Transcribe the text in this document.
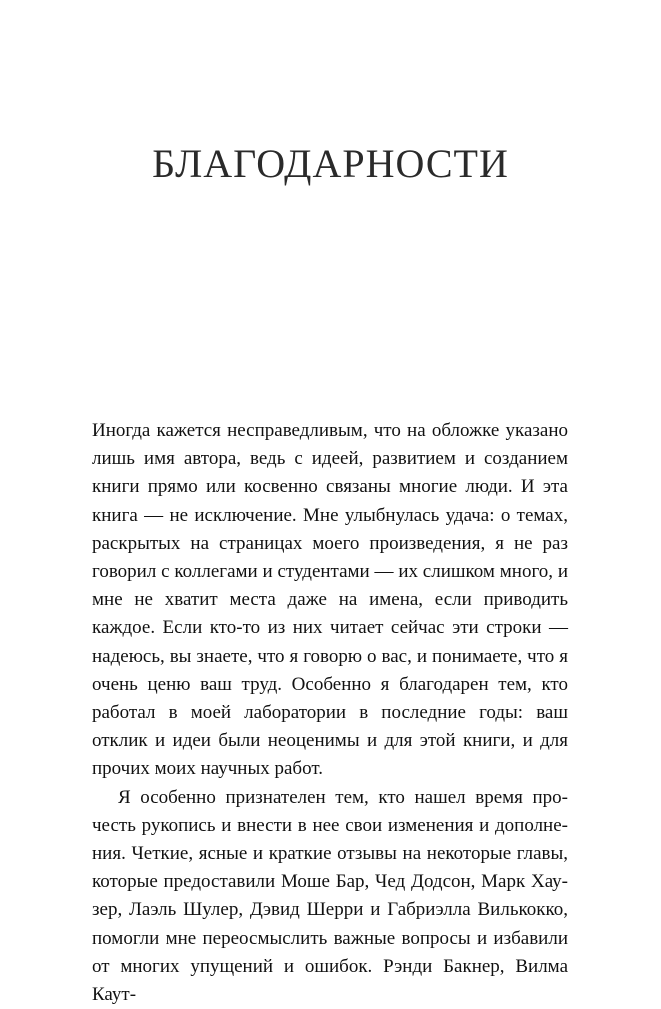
БЛАГОДАРНОСТИ

Иногда кажется несправедливым, что на обложке указано лишь имя автора, ведь с идеей, развитием и созданием книги прямо или косвенно связаны многие люди. И эта книга — не исключение. Мне улыбнулась удача: о темах, раскрытых на страницах моего произведения, я не раз говорил с коллегами и студентами — их слишком много, и мне не хватит места даже на имена, если приводить каждое. Если кто-то из них читает сейчас эти строки — надеюсь, вы знаете, что я говорю о вас, и понимаете, что я очень ценю ваш труд. Особенно я благодарен тем, кто работал в моей лаборатории в последние годы: ваш отклик и идеи были неоценимы и для этой книги, и для прочих моих научных работ.

Я особенно признателен тем, кто нашел время прочесть рукопись и внести в нее свои изменения и дополнения. Четкие, ясные и краткие отзывы на некоторые главы, которые предоставили Моше Бар, Чед Додсон, Марк Хаузер, Лаэль Шулер, Дэвид Шерри и Габриэлла Вилькокко, помогли мне переосмыслить важные вопросы и избавили от многих упущений и ошибок. Рэнди Бакнер, Вилма Каут-
